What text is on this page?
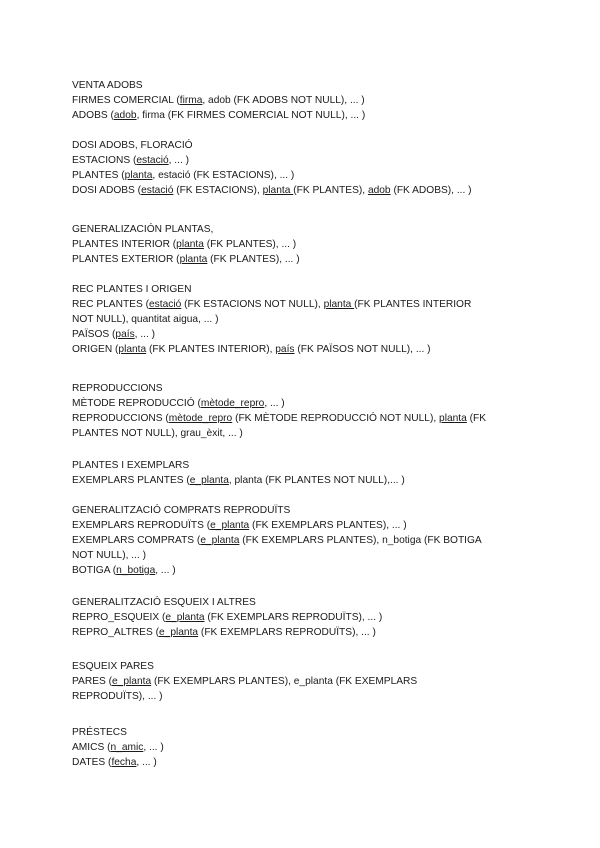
VENTA ADOBS
FIRMES COMERCIAL (firma, adob (FK ADOBS NOT NULL), ... )
ADOBS (adob, firma (FK FIRMES COMERCIAL NOT NULL), ... )
DOSI ADOBS, FLORACIÓ
ESTACIONS (estació, ... )
PLANTES (planta, estació (FK ESTACIONS), ... )
DOSI ADOBS (estació (FK ESTACIONS), planta (FK PLANTES), adob (FK ADOBS), ... )
GENERALIZACIÓN PLANTAS,
PLANTES INTERIOR (planta (FK PLANTES), ... )
PLANTES EXTERIOR (planta (FK PLANTES), ... )
REC PLANTES I ORIGEN
REC PLANTES (estació (FK ESTACIONS NOT NULL), planta (FK PLANTES INTERIOR NOT NULL), quantitat aigua, ... )
PAÏSOS (país, ... )
ORIGEN (planta (FK PLANTES INTERIOR), país (FK PAÏSOS NOT NULL), ... )
REPRODUCCIONS
MÈTODE REPRODUCCIÓ (mètode_repro, ... )
REPRODUCCIONS (mètode_repro (FK MÈTODE REPRODUCCIÓ NOT NULL), planta (FK PLANTES NOT NULL), grau_èxit, ... )
PLANTES I EXEMPLARS
EXEMPLARS PLANTES (e_planta, planta (FK PLANTES NOT NULL),... )
GENERALITZACIÓ COMPRATS REPRODUÏTS
EXEMPLARS REPRODUÏTS (e_planta (FK EXEMPLARS PLANTES), ... )
EXEMPLARS COMPRATS (e_planta (FK EXEMPLARS PLANTES), n_botiga (FK BOTIGA NOT NULL), ... )
BOTIGA (n_botiga, ... )
GENERALITZACIÓ ESQUEIX I ALTRES
REPRO_ESQUEIX (e_planta (FK EXEMPLARS REPRODUÏTS), ... )
REPRO_ALTRES (e_planta (FK EXEMPLARS REPRODUÏTS), ... )
ESQUEIX PARES
PARES (e_planta (FK EXEMPLARS PLANTES), e_planta (FK EXEMPLARS REPRODUÏTS), ... )
PRÉSTECS
AMICS (n_amic, ... )
DATES (fecha, ... )
